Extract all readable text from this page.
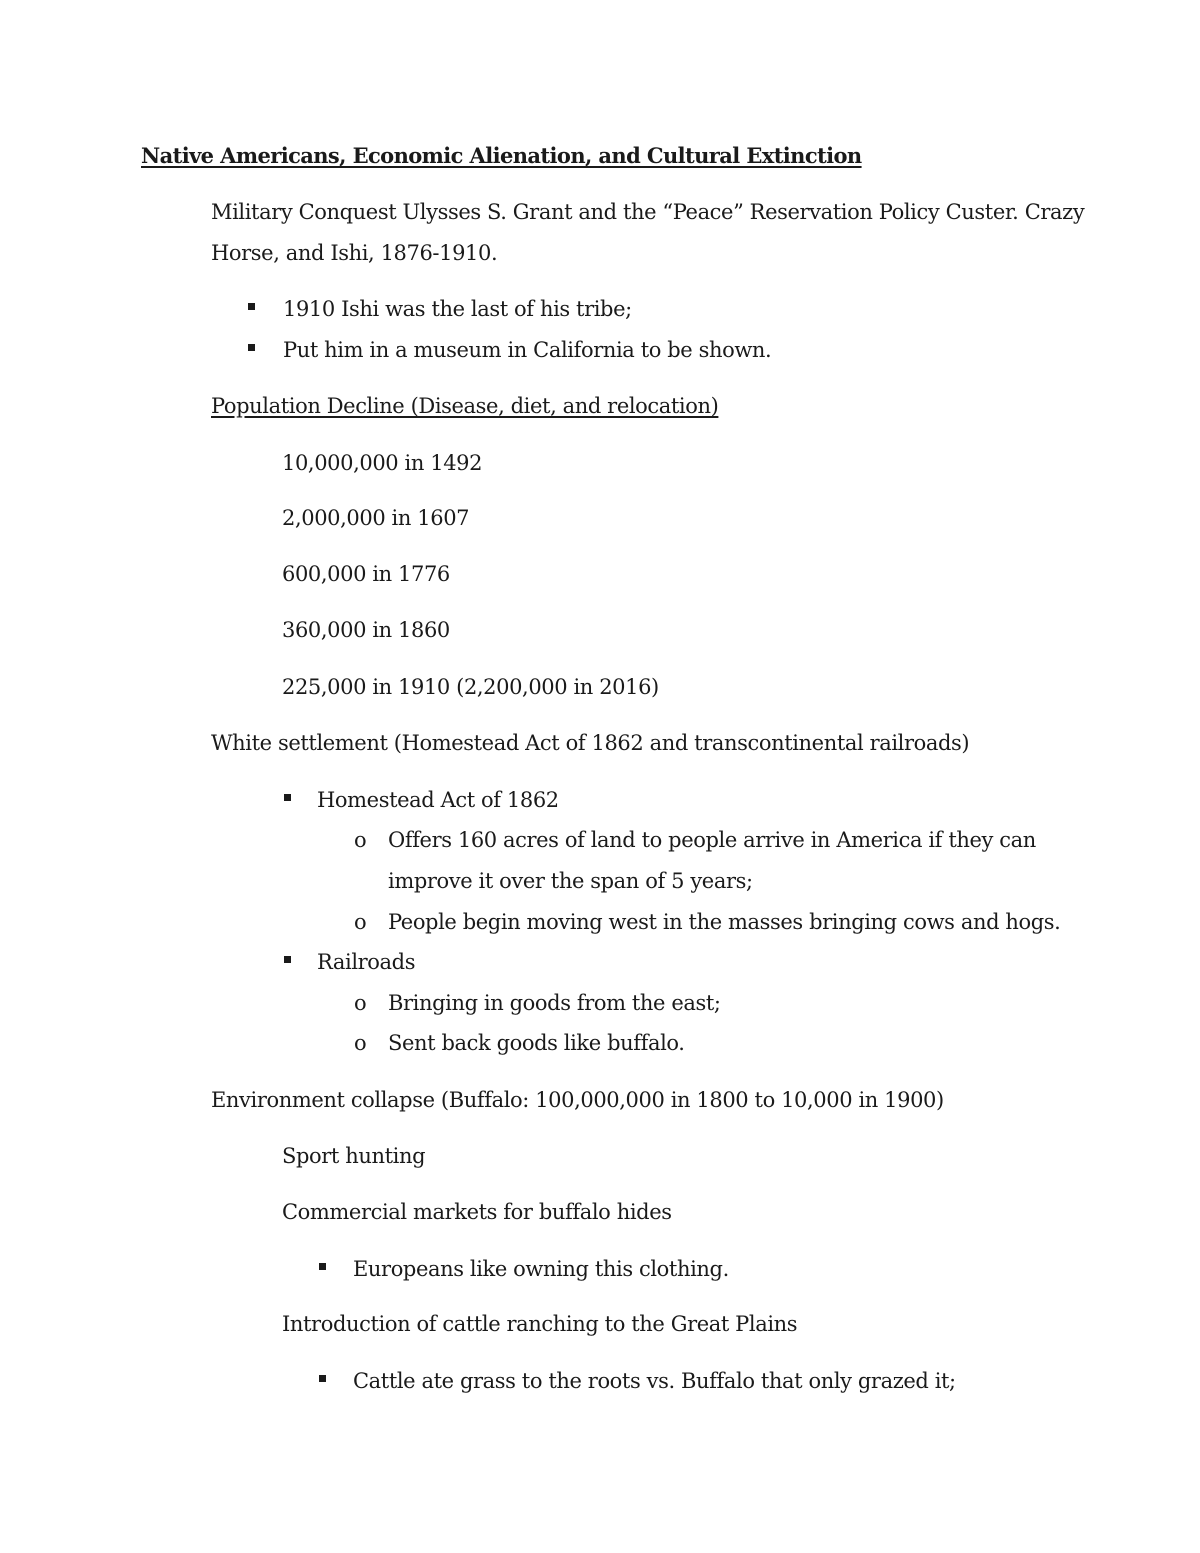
Native Americans, Economic Alienation, and Cultural Extinction
Military Conquest Ulysses S. Grant and the “Peace” Reservation Policy Custer. Crazy
Horse, and Ishi, 1876-1910.
1910 Ishi was the last of his tribe;
Put him in a museum in California to be shown.
Population Decline (Disease, diet, and relocation)
10,000,000 in 1492
2,000,000 in 1607
600,000 in 1776
360,000 in 1860
225,000 in 1910 (2,200,000 in 2016)
White settlement (Homestead Act of 1862 and transcontinental railroads)
Homestead Act of 1862
o Offers 160 acres of land to people arrive in America if they can
improve it over the span of 5 years;
o People begin moving west in the masses bringing cows and hogs.
Railroads
o Bringing in goods from the east;
o Sent back goods like buffalo.
Environment collapse (Buffalo: 100,000,000 in 1800 to 10,000 in 1900)
Sport hunting
Commercial markets for buffalo hides
Europeans like owning this clothing.
Introduction of cattle ranching to the Great Plains
Cattle ate grass to the roots vs. Buffalo that only grazed it;
